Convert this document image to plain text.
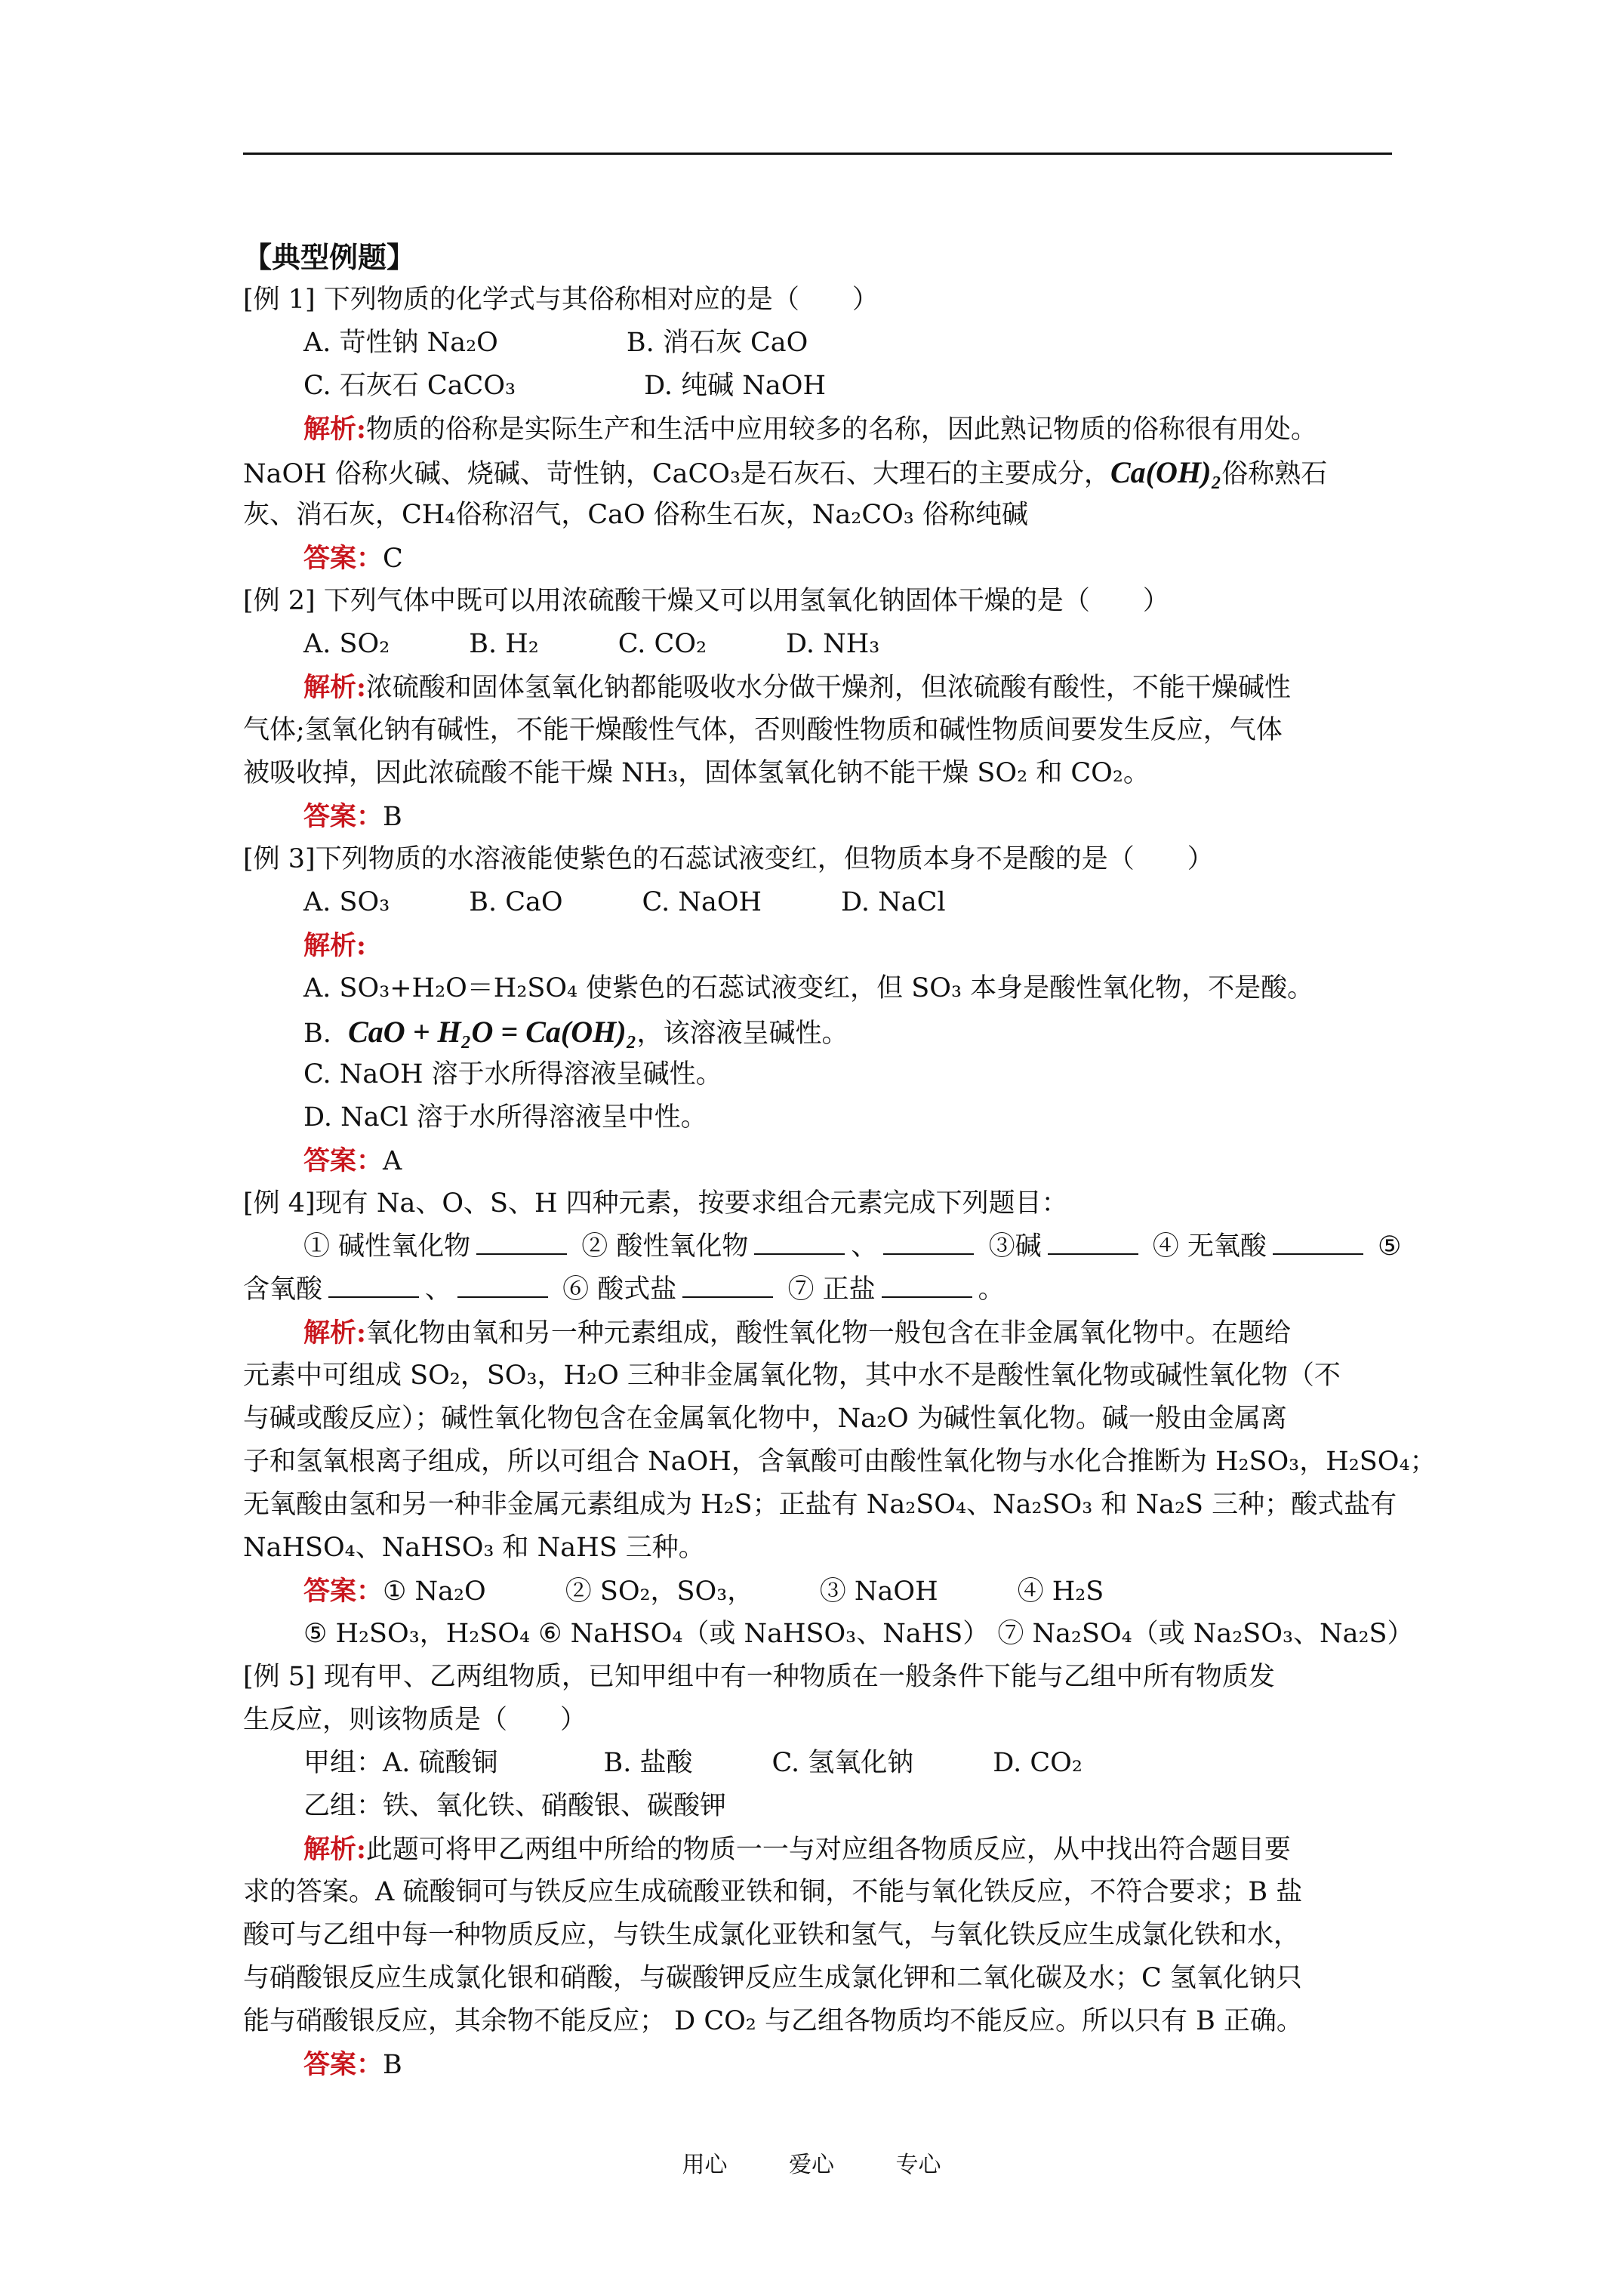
【典型例题】
[例 1] 下列物质的化学式与其俗称相对应的是（　　）
A. 苛性钠 Na₂O	B. 消石灰 CaO
C. 石灰石 CaCO₃	D. 纯碱 NaOH
解析:物质的俗称是实际生产和生活中应用较多的名称，因此熟记物质的俗称很有用处。
NaOH 俗称火碱、烧碱、苛性钠，CaCO₃是石灰石、大理石的主要成分，Ca(OH)₂俗称熟石
灰、消石灰，CH₄俗称沼气，CaO 俗称生石灰，Na₂CO₃ 俗称纯碱
答案：C
[例 2] 下列气体中既可以用浓硫酸干燥又可以用氢氧化钠固体干燥的是（　　）
A. SO₂　　　B. H₂　　　C. CO₂　　　D. NH₃
解析:浓硫酸和固体氢氧化钠都能吸收水分做干燥剂，但浓硫酸有酸性，不能干燥碱性
气体;氢氧化钠有碱性，不能干燥酸性气体，否则酸性物质和碱性物质间要发生反应，气体
被吸收掉，因此浓硫酸不能干燥 NH₃，固体氢氧化钠不能干燥 SO₂ 和 CO₂。
答案：B
[例 3]下列物质的水溶液能使紫色的石蕊试液变红，但物质本身不是酸的是（　　）
A. SO₃　　　B. CaO　　　C. NaOH　　　D. NaCl
解析:
A. SO₃+H₂O＝H₂SO₄ 使紫色的石蕊试液变红，但 SO₃ 本身是酸性氧化物，不是酸。
B. CaO + H₂O = Ca(OH)₂，该溶液呈碱性。
C. NaOH 溶于水所得溶液呈碱性。
D. NaCl 溶于水所得溶液呈中性。
答案：A
[例 4]现有 Na、O、S、H 四种元素，按要求组合元素完成下列题目：
① 碱性氧化物	② 酸性氧化物	、	③碱	④ 无氧酸	⑤
含氧酸	、	⑥ 酸式盐	⑦ 正盐	。
解析:氧化物由氧和另一种元素组成，酸性氧化物一般包含在非金属氧化物中。在题给
元素中可组成 SO₂，SO₃，H₂O 三种非金属氧化物，其中水不是酸性氧化物或碱性氧化物（不
与碱或酸反应）；碱性氧化物包含在金属氧化物中，Na₂O 为碱性氧化物。碱一般由金属离
子和氢氧根离子组成，所以可组合 NaOH，含氧酸可由酸性氧化物与水化合推断为 H₂SO₃，H₂SO₄；
无氧酸由氢和另一种非金属元素组成为 H₂S；正盐有 Na₂SO₄、Na₂SO₃ 和 Na₂S 三种；酸式盐有
NaHSO₄、NaHSO₃ 和 NaHS 三种。
答案：① Na₂O　　　② SO₂，SO₃，　　　③ NaOH　　　④ H₂S
⑤ H₂SO₃，H₂SO₄ ⑥ NaHSO₄（或 NaHSO₃、NaHS） ⑦ Na₂SO₄（或 Na₂SO₃、Na₂S）
[例 5] 现有甲、乙两组物质，已知甲组中有一种物质在一般条件下能与乙组中所有物质发
生反应，则该物质是（　　）
甲组：A. 硫酸铜　　　　B. 盐酸　　　C. 氢氧化钠　　　D. CO₂
乙组：铁、氧化铁、硝酸银、碳酸钾
解析:此题可将甲乙两组中所给的物质一一与对应组各物质反应，从中找出符合题目要
求的答案。A 硫酸铜可与铁反应生成硫酸亚铁和铜，不能与氧化铁反应，不符合要求；B 盐
酸可与乙组中每一种物质反应，与铁生成氯化亚铁和氢气，与氧化铁反应生成氯化铁和水，
与硝酸银反应生成氯化银和硝酸，与碳酸钾反应生成氯化钾和二氧化碳及水；C 氢氧化钠只
能与硝酸银反应，其余物不能反应； D CO₂ 与乙组各物质均不能反应。所以只有 B 正确。
答案：B
用心	爱心	专心
